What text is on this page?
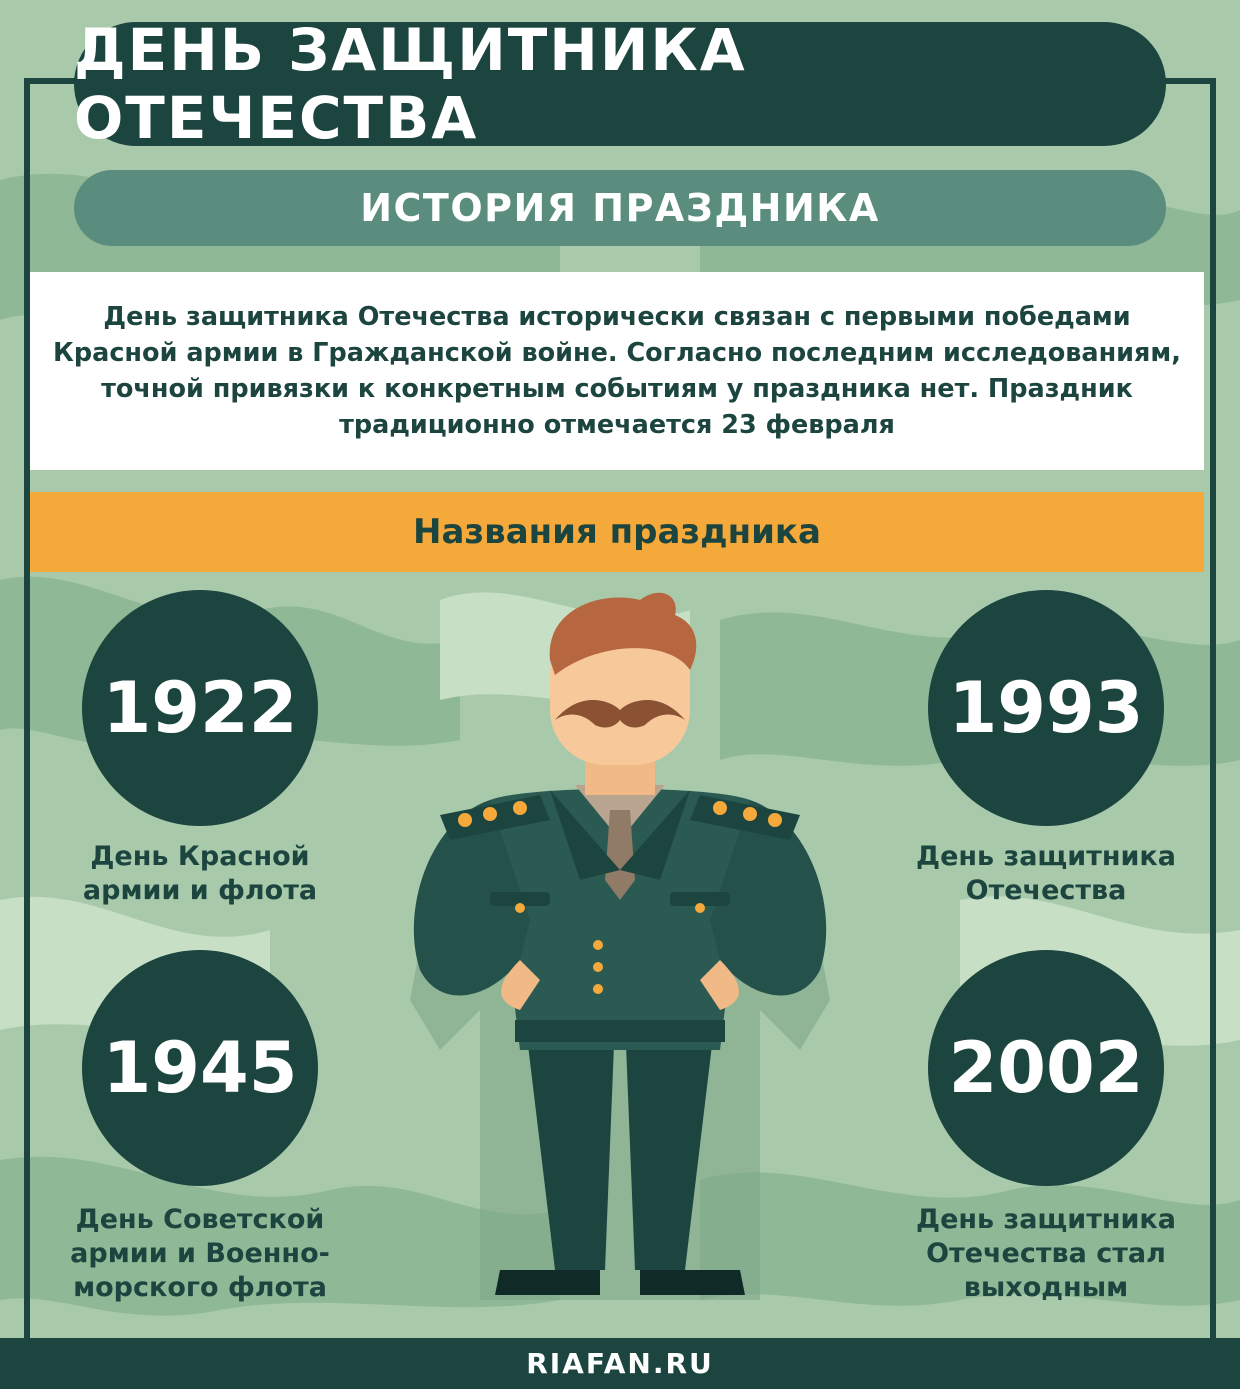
ДЕНЬ ЗАЩИТНИКА ОТЕЧЕСТВА
ИСТОРИЯ ПРАЗДНИКА

День защитника Отечества исторически связан с первыми победами Красной армии в Гражданской войне. Согласно последним исследованиям, точной привязки к конкретным событиям у праздника нет. Праздник традиционно отмечается 23 февраля

Названия праздника
1922
День Красной армии и флота
1993
День защитника Отечества
1945
День Советской армии и Военно-морского флота
2002
День защитника Отечества стал выходным
RIAFAN.RU
